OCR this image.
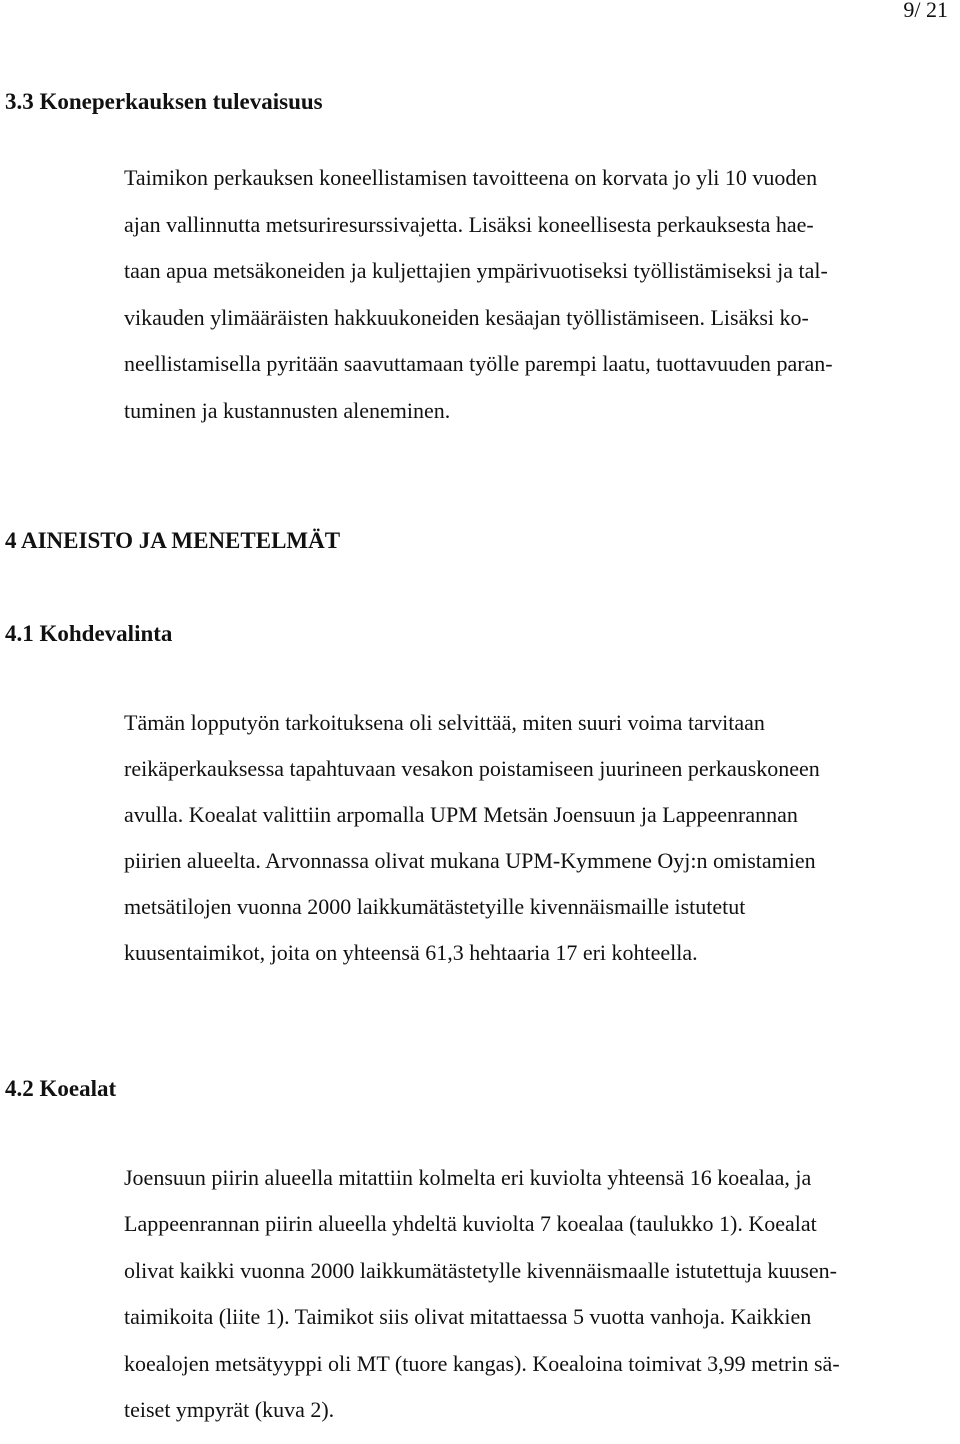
9/ 21
3.3 Koneperkauksen tulevaisuus
Taimikon perkauksen koneellistamisen tavoitteena on korvata jo yli 10 vuoden
ajan vallinnutta metsuriresurssivajetta. Lisäksi koneellisesta perkauksesta hae-
taan apua metsäkoneiden ja kuljettajien ympärivuotiseksi työllistämiseksi ja tal-
vikauden ylimääräisten hakkuukoneiden kesäajan työllistämiseen. Lisäksi ko-
neellistamisella pyritään saavuttamaan työlle parempi laatu, tuottavuuden paran-
tuminen ja kustannusten aleneminen.
4 AINEISTO JA MENETELMÄT
4.1 Kohdevalinta
Tämän lopputyön tarkoituksena oli selvittää, miten suuri voima tarvitaan
reikäperkauksessa tapahtuvaan vesakon poistamiseen juurineen perkauskoneen
avulla. Koealat valittiin arpomalla UPM Metsän Joensuun ja Lappeenrannan
piirien alueelta. Arvonnassa olivat mukana UPM-Kymmene Oyj:n omistamien
metsätilojen vuonna 2000 laikkumätästetyille kivennäismaille istutetut
kuusentaimikot, joita on yhteensä 61,3 hehtaaria 17 eri kohteella.
4.2 Koealat
Joensuun piirin alueella mitattiin kolmelta eri kuviolta yhteensä 16 koealaa, ja
Lappeenrannan piirin alueella yhdeltä kuviolta 7 koealaa (taulukko 1). Koealat
olivat kaikki vuonna 2000 laikkumätästetylle kivennäismaalle istutettuja kuusen-
taimikoita (liite 1). Taimikot siis olivat mitattaessa 5 vuotta vanhoja. Kaikkien
koealojen metsätyyppi oli MT (tuore kangas). Koealoina toimivat 3,99 metrin sä-
teiset ympyrät (kuva 2).
